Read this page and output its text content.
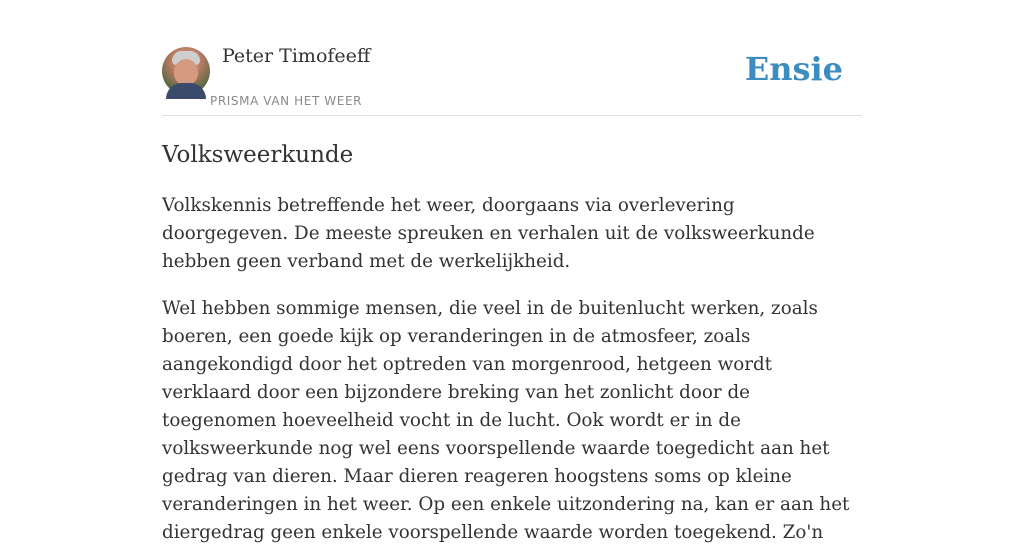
Peter Timofeeff
PRISMA VAN HET WEER
Ensie
Volksweerkunde

Volkskennis betreffende het weer, doorgaans via overlevering doorgegeven. De meeste spreuken en verhalen uit de volksweerkunde hebben geen verband met de werkelijkheid.

Wel hebben sommige mensen, die veel in de buitenlucht werken, zoals boeren, een goede kijk op veranderingen in de atmosfeer, zoals aangekondigd door het optreden van morgenrood, hetgeen wordt verklaard door een bijzondere breking van het zonlicht door de toegenomen hoeveelheid vocht in de lucht. Ook wordt er in de volksweerkunde nog wel eens voorspellende waarde toegedicht aan het gedrag van dieren. Maar dieren reageren hoogstens soms op kleine veranderingen in het weer. Op een enkele uitzondering na, kan er aan het diergedrag geen enkele voorspellende waarde worden toegekend. Zo'n
